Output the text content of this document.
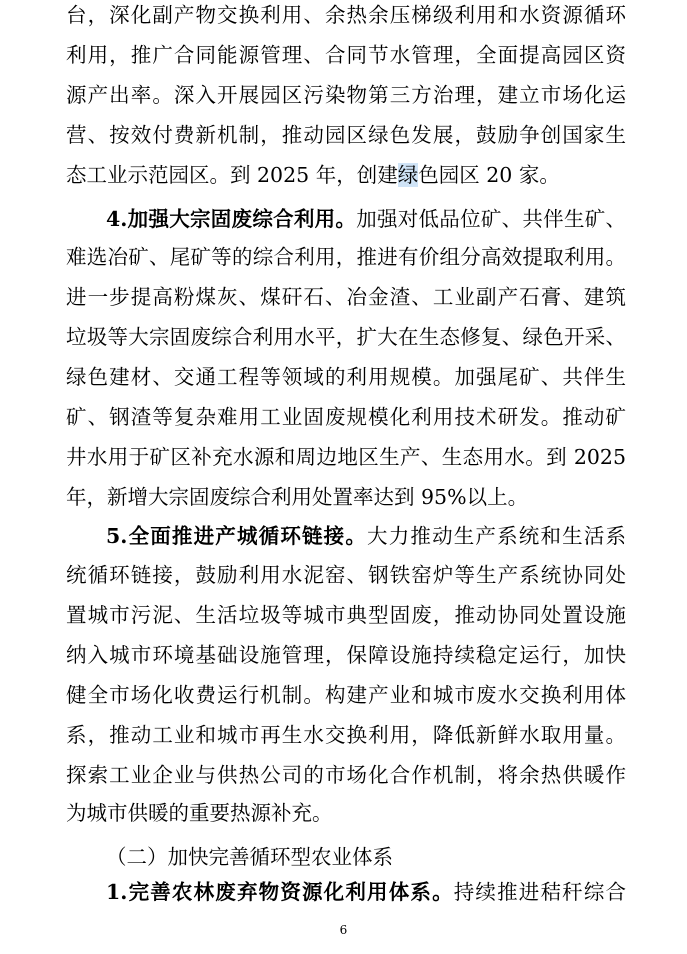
台，深化副产物交换利用、余热余压梯级利用和水资源循环
利用，推广合同能源管理、合同节水管理，全面提高园区资
源产出率。深入开展园区污染物第三方治理，建立市场化运
营、按效付费新机制，推动园区绿色发展，鼓励争创国家生
态工业示范园区。到 2025 年，创建绿色园区 20 家。
4.加强大宗固废综合利用。加强对低品位矿、共伴生矿、
难选冶矿、尾矿等的综合利用，推进有价组分高效提取利用。
进一步提高粉煤灰、煤矸石、冶金渣、工业副产石膏、建筑
垃圾等大宗固废综合利用水平，扩大在生态修复、绿色开采、
绿色建材、交通工程等领域的利用规模。加强尾矿、共伴生
矿、钢渣等复杂难用工业固废规模化利用技术研发。推动矿
井水用于矿区补充水源和周边地区生产、生态用水。到 2025
年，新增大宗固废综合利用处置率达到 95%以上。
5.全面推进产城循环链接。大力推动生产系统和生活系
统循环链接，鼓励利用水泥窑、钢铁窑炉等生产系统协同处
置城市污泥、生活垃圾等城市典型固废，推动协同处置设施
纳入城市环境基础设施管理，保障设施持续稳定运行，加快
健全市场化收费运行机制。构建产业和城市废水交换利用体
系，推动工业和城市再生水交换利用，降低新鲜水取用量。
探索工业企业与供热公司的市场化合作机制，将余热供暖作
为城市供暖的重要热源补充。
（二）加快完善循环型农业体系
1.完善农林废弃物资源化利用体系。持续推进秸秆综合
6
